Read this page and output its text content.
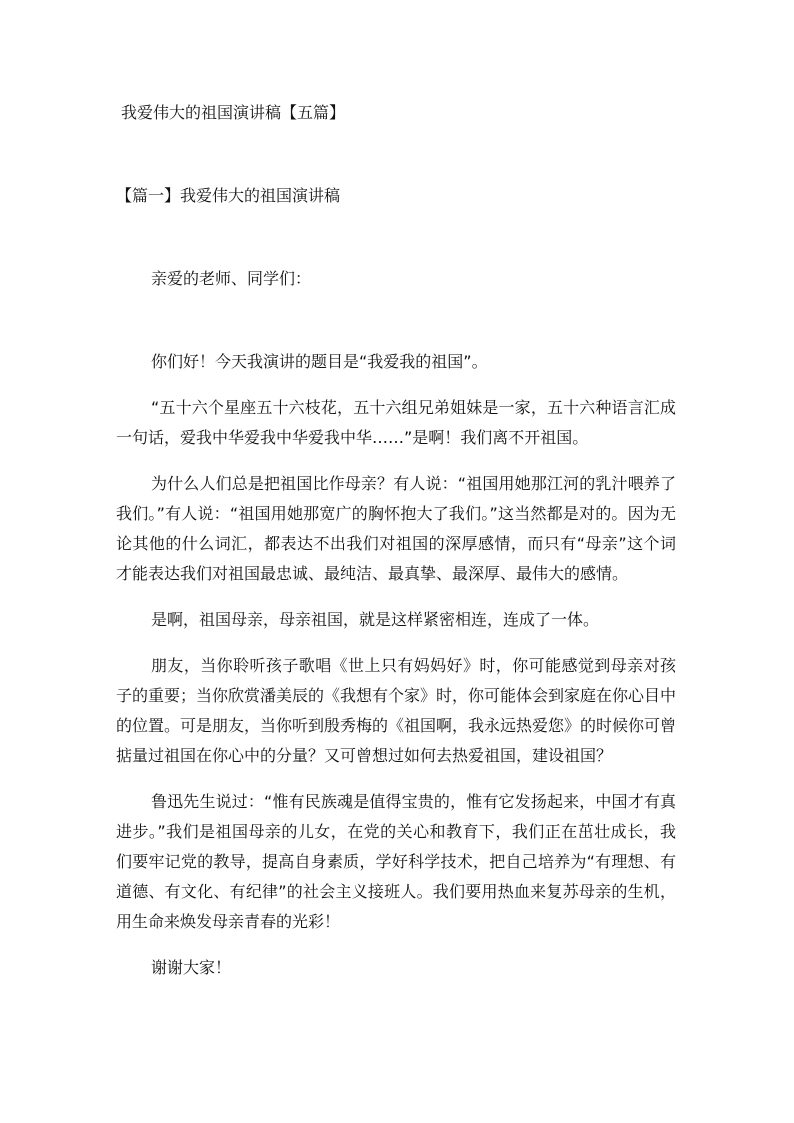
我爱伟大的祖国演讲稿【五篇】
【篇一】我爱伟大的祖国演讲稿

亲爱的老师、同学们：

你们好！今天我演讲的题目是“我爱我的祖国”。

“五十六个星座五十六枝花，五十六组兄弟姐妹是一家，五十六种语言汇成一句话，爱我中华爱我中华爱我中华……”是啊！我们离不开祖国。

为什么人们总是把祖国比作母亲？有人说：“祖国用她那江河的乳汁喂养了我们。”有人说：“祖国用她那宽广的胸怀抱大了我们。”这当然都是对的。因为无论其他的什么词汇，都表达不出我们对祖国的深厚感情，而只有“母亲”这个词才能表达我们对祖国最忠诚、最纯洁、最真挚、最深厚、最伟大的感情。

是啊，祖国母亲，母亲祖国，就是这样紧密相连，连成了一体。

朋友，当你聆听孩子歌唱《世上只有妈妈好》时，你可能感觉到母亲对孩子的重要；当你欣赏潘美辰的《我想有个家》时，你可能体会到家庭在你心目中的位置。可是朋友，当你听到殷秀梅的《祖国啊，我永远热爱您》的时候你可曾掂量过祖国在你心中的分量？又可曾想过如何去热爱祖国，建设祖国？

鲁迅先生说过：“惟有民族魂是值得宝贵的，惟有它发扬起来，中国才有真进步。”我们是祖国母亲的儿女，在党的关心和教育下，我们正在茁壮成长，我们要牢记党的教导，提高自身素质，学好科学技术，把自己培养为“有理想、有道德、有文化、有纪律”的社会主义接班人。我们要用热血来复苏母亲的生机，用生命来焕发母亲青春的光彩！

谢谢大家！
